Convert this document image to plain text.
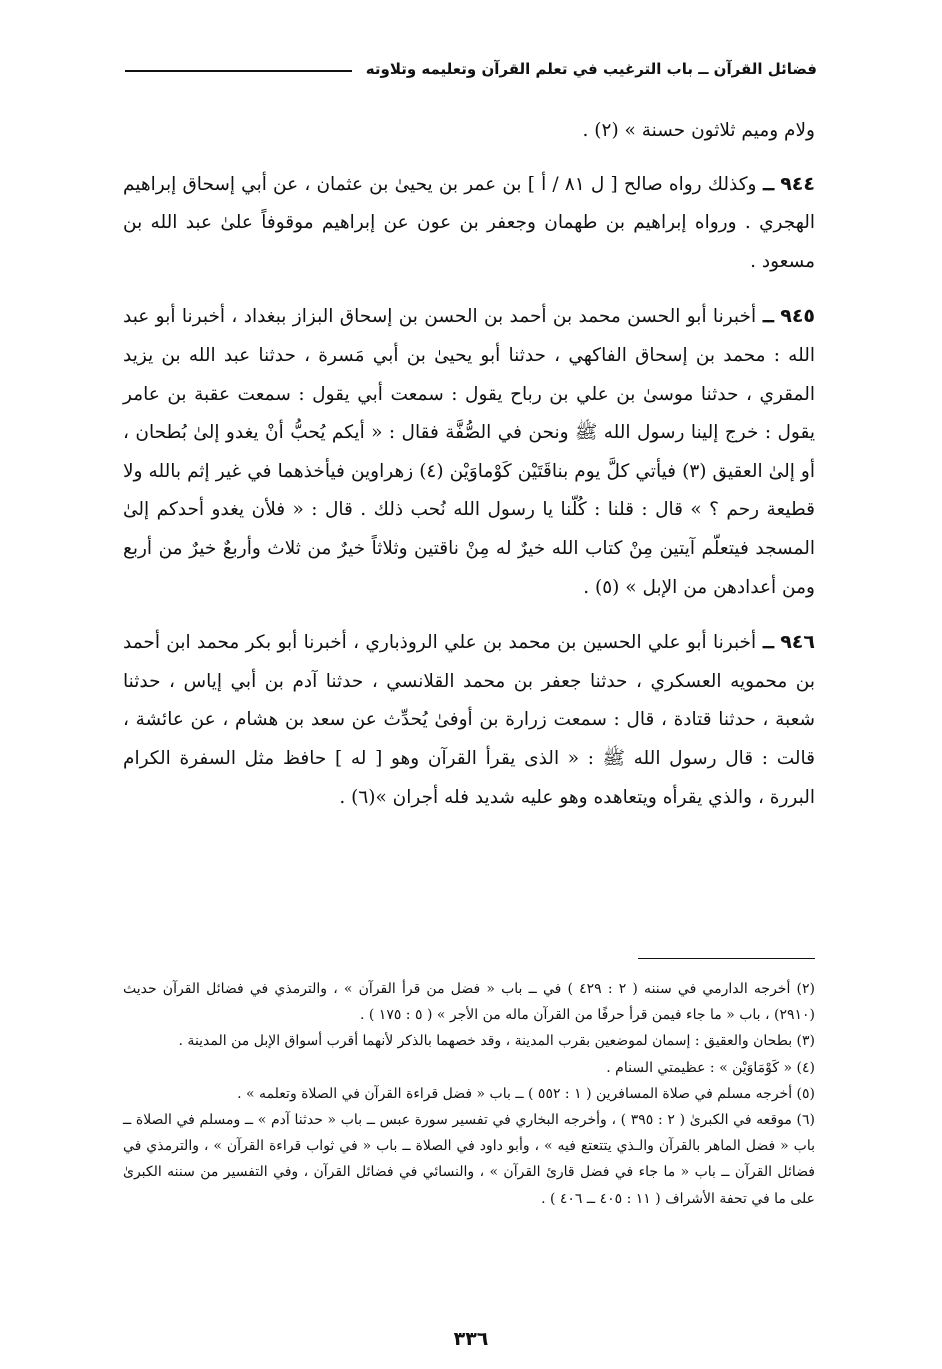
فضائل القرآن ــ باب الترغيب في تعلم القرآن وتعليمه وتلاوته

ولام وميم ثلاثون حسنة » (٢) .

٩٤٤ ــ وكذلك رواه صالح [ ل ٨١ / أ ] بن عمر بن يحيىٰ بن عثمان ، عن أبي إسحاق إبراهيم الهجري . ورواه إبراهيم بن طهمان وجعفر بن عون عن إبراهيم موقوفاً علىٰ عبد الله بن مسعود .

٩٤٥ ــ أخبرنا أبو الحسن محمد بن أحمد بن الحسن بن إسحاق البزاز ببغداد ، أخبرنا أبو عبد الله : محمد بن إسحاق الفاكهي ، حدثنا أبو يحيىٰ بن أبي مَسرة ، حدثنا عبد الله بن يزيد المقري ، حدثنا موسىٰ بن علي بن رباح يقول : سمعت أبي يقول : سمعت عقبة بن عامر يقول : خرج إلينا رسول الله ﷺ ونحن في الصُّفَّة فقال : « أيكم يُحبُّ أنْ يغدو إلىٰ بُطحان ، أو إلىٰ العقيق (٣) فيأتي كلَّ يوم بناقَتَيْن كَوْماوَيْن (٤) زهراوين فيأخذهما في غير إثم بالله ولا قطيعة رحم ؟ » قال : قلنا : كُلّنا يا رسول الله نُحب ذلك . قال : « فلأن يغدو أحدكم إلىٰ المسجد فيتعلّم آيتين مِنْ كتاب الله خيرٌ له مِنْ ناقتين وثلاثاً خيرٌ من ثلاث وأربعٌ خيرٌ من أربع ومن أعدادهن من الإبل » (٥) .

٩٤٦ ــ أخبرنا أبو علي الحسين بن محمد بن علي الروذباري ، أخبرنا أبو بكر محمد ابن أحمد بن محمويه العسكري ، حدثنا جعفر بن محمد القلانسي ، حدثنا آدم بن أبي إياس ، حدثنا شعبة ، حدثنا قتادة ، قال : سمعت زرارة بن أوفىٰ يُحدِّث عن سعد بن هشام ، عن عائشة ، قالت : قال رسول الله ﷺ : « الذى يقرأ القرآن وهو [ له ] حافظ مثل السفرة الكرام البررة ، والذي يقرأه ويتعاهده وهو عليه شديد فله أجران »(٦) .

(٢) أخرجه الدارمي في سننه ( ٢ : ٤٢٩ ) في ــ باب « فضل من قرأ القرآن » ، والترمذي في فضائل القرآن حديث (٢٩١٠) ، باب « ما جاء فيمن قرأ حرفًا من القرآن ماله من الأجر » ( ٥ : ١٧٥ ) .

(٣) بطحان والعقيق : إسمان لموضعين بقرب المدينة ، وقد خصهما بالذكر لأنهما أقرب أسواق الإبل من المدينة .

(٤) « كَوْمَاوَيْن » : عظيمتي السنام .

(٥) أخرجه مسلم في صلاة المسافرين ( ١ : ٥٥٢ ) ــ باب « فضل قراءة القرآن في الصلاة وتعلمه » .

(٦) موقعه في الكبرىٰ ( ٢ : ٣٩٥ ) ، وأخرجه البخاري في تفسير سورة عبس ــ باب « حدثنا آدم » ــ ومسلم في الصلاة ــ باب « فضل الماهر بالقرآن والـذي يتتعتع فيه » ، وأبو داود في الصلاة ــ باب « في ثواب قراءة القرآن » ، والترمذي في فضائل القرآن ــ باب « ما جاء في فضل قارئ القرآن » ، والنسائي في فضائل القرآن ، وفي التفسير من سننه الكبرىٰ على ما في تحفة الأشراف ( ١١ : ٤٠٥ ــ ٤٠٦ ) .

٣٣٦
